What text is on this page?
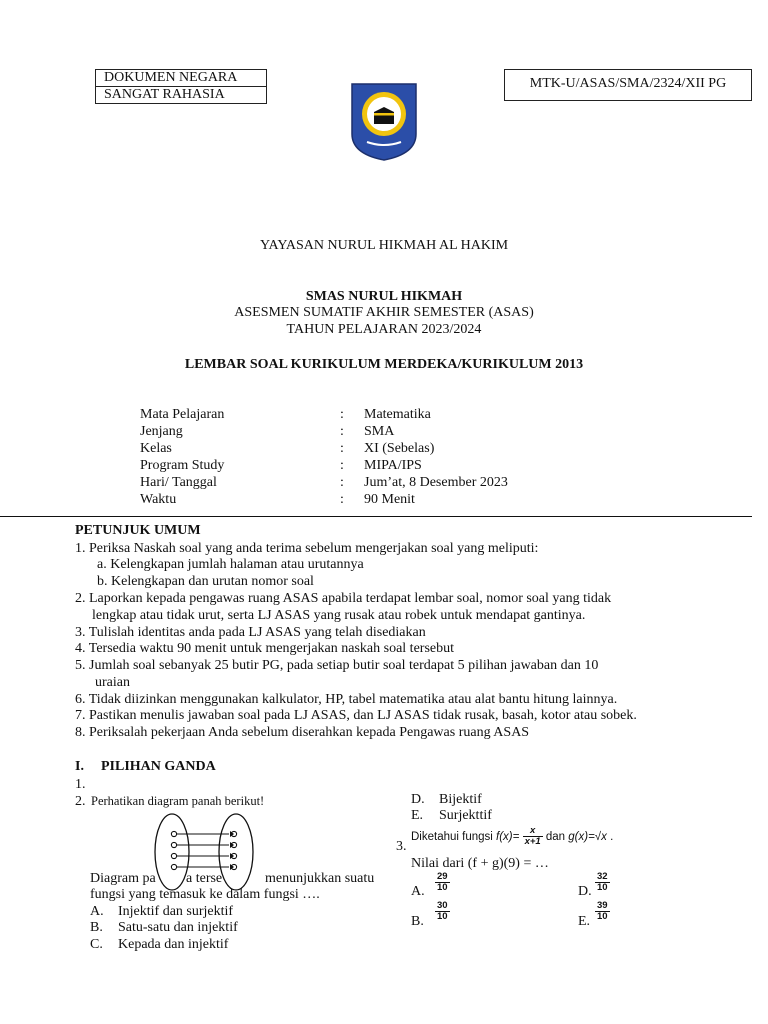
DOKUMEN NEGARA
SANGAT RAHASIA
MTK-U/ASAS/SMA/2324/XII PG
YAYASAN NURUL HIKMAH AL HAKIM
SMAS NURUL HIKMAH
ASESMEN SUMATIF AKHIR SEMESTER (ASAS)
TAHUN PELAJARAN 2023/2024
LEMBAR SOAL KURIKULUM MERDEKA/KURIKULUM 2013
Mata Pelajaran	: Matematika
Jenjang	: SMA
Kelas	: XI (Sebelas)
Program Study	: MIPA/IPS
Hari/ Tanggal	: Jum’at, 8 Desember 2023
Waktu	: 90 Menit
PETUNJUK UMUM
1. Periksa Naskah soal yang anda terima sebelum mengerjakan soal yang meliputi:
a. Kelengkapan jumlah halaman atau urutannya
b. Kelengkapan dan urutan nomor soal
2. Laporkan kepada pengawas ruang ASAS apabila terdapat lembar soal, nomor soal yang tidak
lengkap atau tidak urut, serta LJ ASAS yang rusak atau robek untuk mendapat gantinya.
3. Tulislah identitas anda pada LJ ASAS yang telah disediakan
4. Tersedia waktu 90 menit untuk mengerjakan naskah soal tersebut
5. Jumlah soal sebanyak 25 butir PG, pada setiap butir soal terdapat 5 pilihan jawaban dan 10
uraian
6. Tidak diizinkan menggunakan kalkulator, HP, tabel matematika atau alat bantu hitung lainnya.
7. Pastikan menulis jawaban soal pada LJ ASAS, dan LJ ASAS tidak rusak, basah, kotor atau sobek.
8. Periksalah pekerjaan Anda sebelum diserahkan kepada Pengawas ruang ASAS
I. PILIHAN GANDA
1.
2. Perhatikan diagram panah berikut!
Diagram pa a terse	menunjukkan suatu
fungsi yang temasuk ke dalam fungsi ….
A. Injektif dan surjektif
B. Satu-satu dan injektif
C. Kepada dan injektif
D. Bijektif
E. Surjekttif
3.
Diketahui fungsi $f(x)= \frac{x}{x+1}$ dan g(x)=√x .
Nilai dari (f + g)(9) = …
A. $\frac{29}{10}$
B. $\frac{30}{10}$
D. $\frac{32}{10}$
E. $\frac{39}{10}$
